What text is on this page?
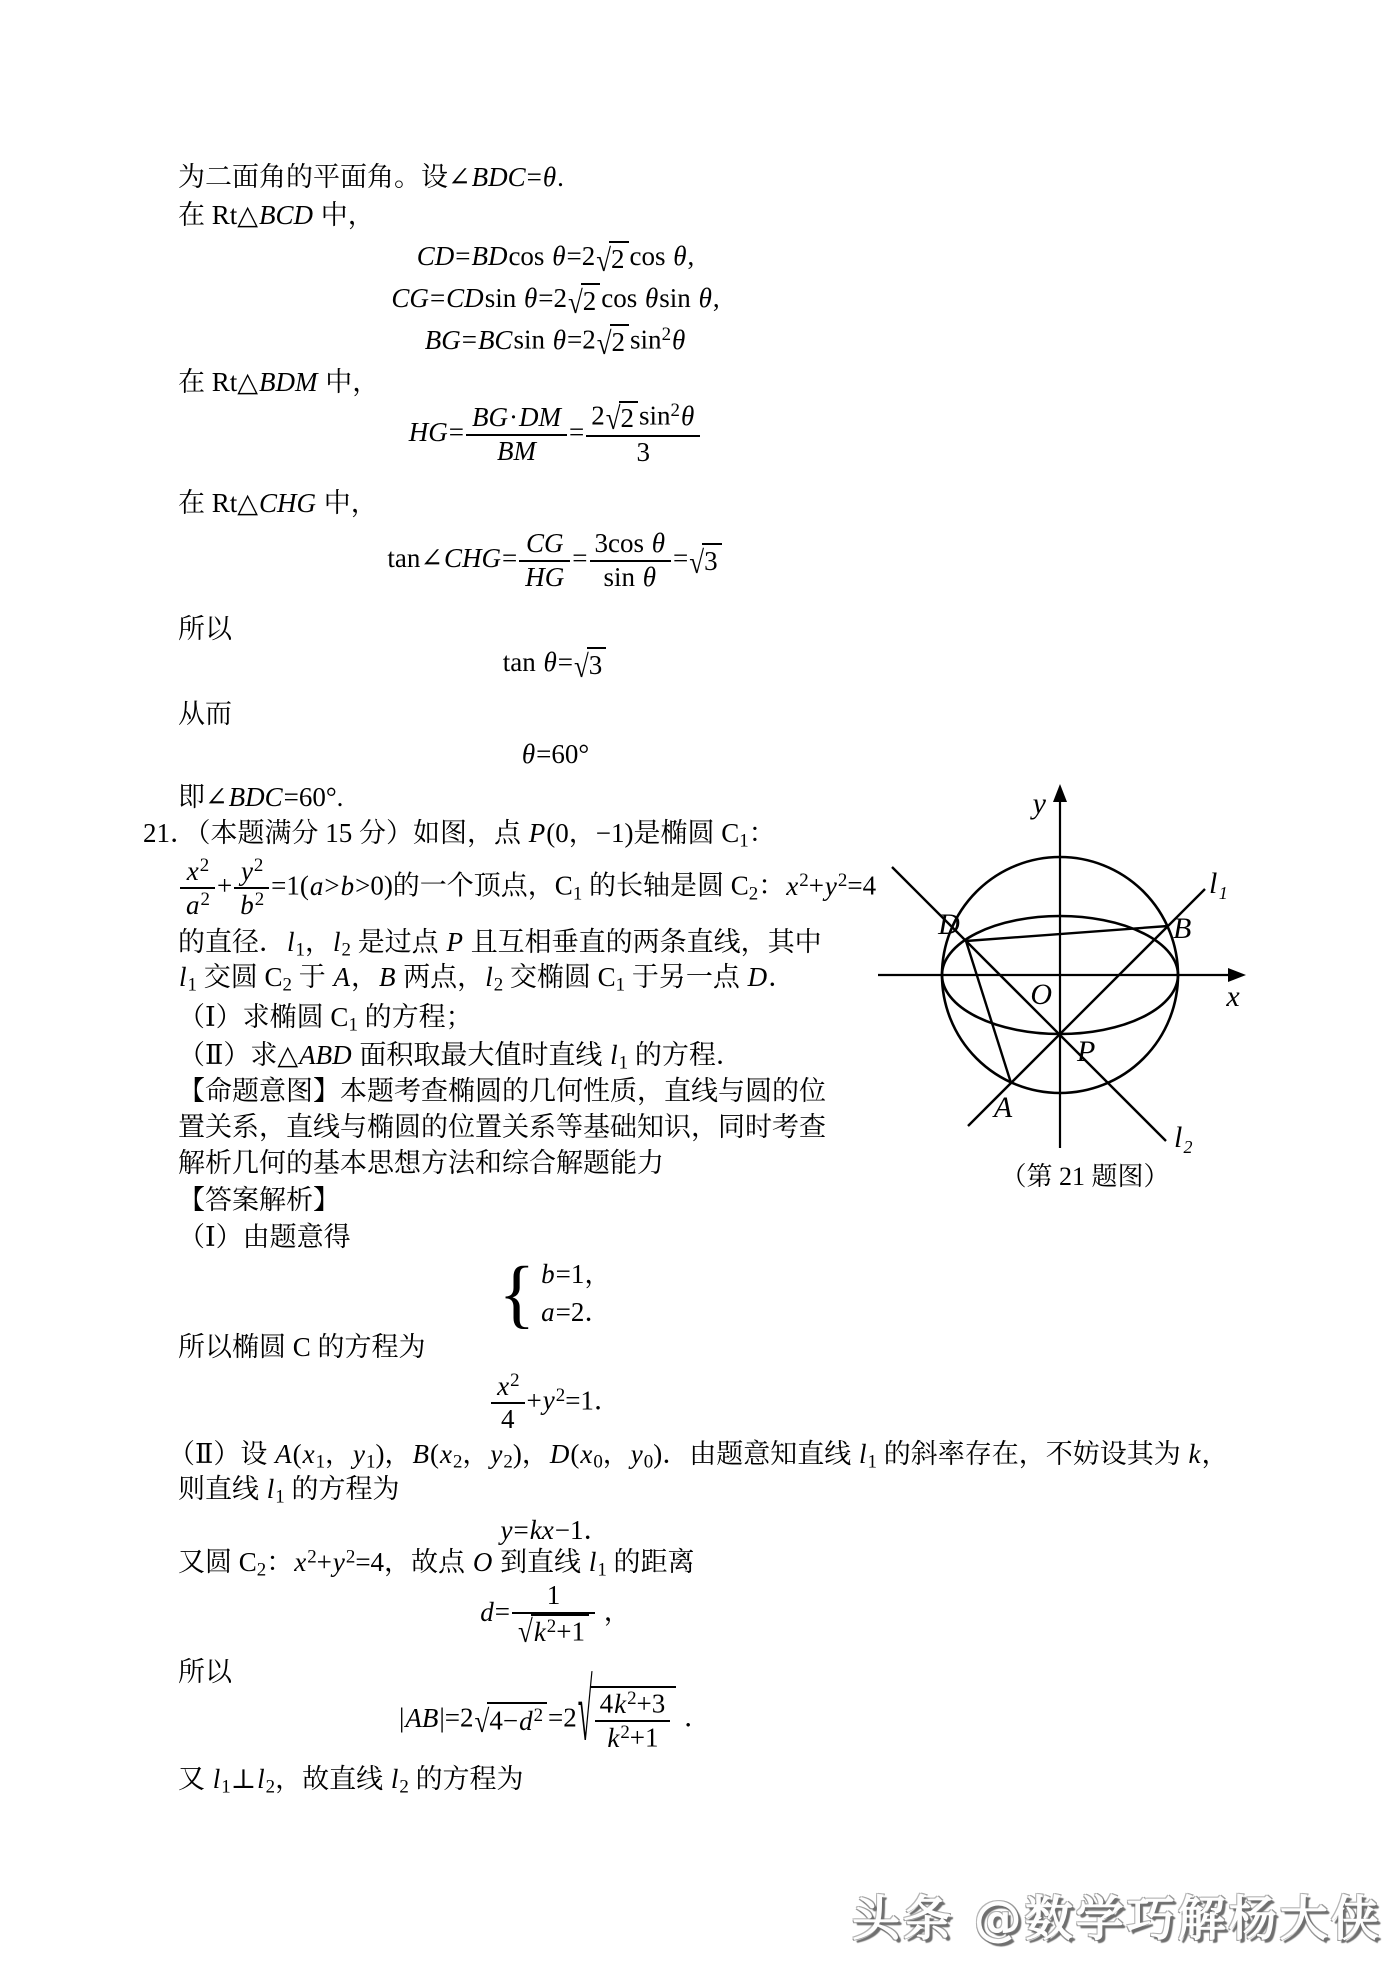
为二面角的平面角。设∠BDC=θ.
在 Rt△BCD 中，
CD=BDcos θ=2 √ 2 cos θ,
CG=CDsin θ=2 √ 2 cos θsin θ,
BG=BCsin θ=2 √ 2 $\sin^2\theta$
在 Rt△BDM 中，
$HG= \frac{BG\cdot DM}{BM} = \frac{2 √ 2 \sin^2\theta}{3}$
在 Rt△CHG 中，
tan∠CHG= $\frac{CG}{HG} = \frac{\text{3cos θ}}{\text{sin θ}}$ = √ 3
所以
tan θ= √ 3
从而
θ=60°
即∠BDC=60°.
21．（本题满分 15 分）如图，点 P(0，−1)是椭圆 $C_1$：
$\frac{x^2}{a^2} + \frac{y^2}{b^2} =1(a>b>0)$的一个顶点，$C_1$ 的长轴是圆 $C_2$：$x^2+y^2=4$
的直径．$l_1$，$l_2$ 是过点 P 且互相垂直的两条直线，其中
$l_1$ 交圆 $C_2$ 于 A，B 两点，$l_2$ 交椭圆 $C_1$ 于另一点 D．
（Ⅰ）求椭圆 $C_1$ 的方程；
（Ⅱ）求△ABD 面积取最大值时直线 $l_1$ 的方程．
【命题意图】本题考查椭圆的几何性质，直线与圆的位
置关系，直线与椭圆的位置关系等基础知识，同时考查
解析几何的基本思想方法和综合解题能力
【答案解析】
（Ⅰ）由题意得
{ b=1，
a=2．
所以椭圆 C 的方程为
$\frac{x^2}{4} +y^2=1$．
（Ⅱ）设 $A(x_1$，$y_1$)，$B(x_2$，$y_2$)，$D(x_0$，$y_0$)．由题意知直线 $l_1$ 的斜率存在，不妨设其为 k，
则直线 $l_1$ 的方程为
y=kx−1．
又圆 $C_2$：$x^2+y^2=4$，故点 O 到直线 $l_1$ 的距离
$d= \frac{1}{√ k^2+1}$ ，
所以
|AB|=2 √ $4-d^2 =2$ √ $\frac{4k^2+3}{k^2+1}$ ．
又 $l_1\perp l_2$，故直线 $l_2$ 的方程为
y
x
l₁
l₂
D	B
A
O
P
（第 21 题图）
头条 @数学巧解杨大侠
